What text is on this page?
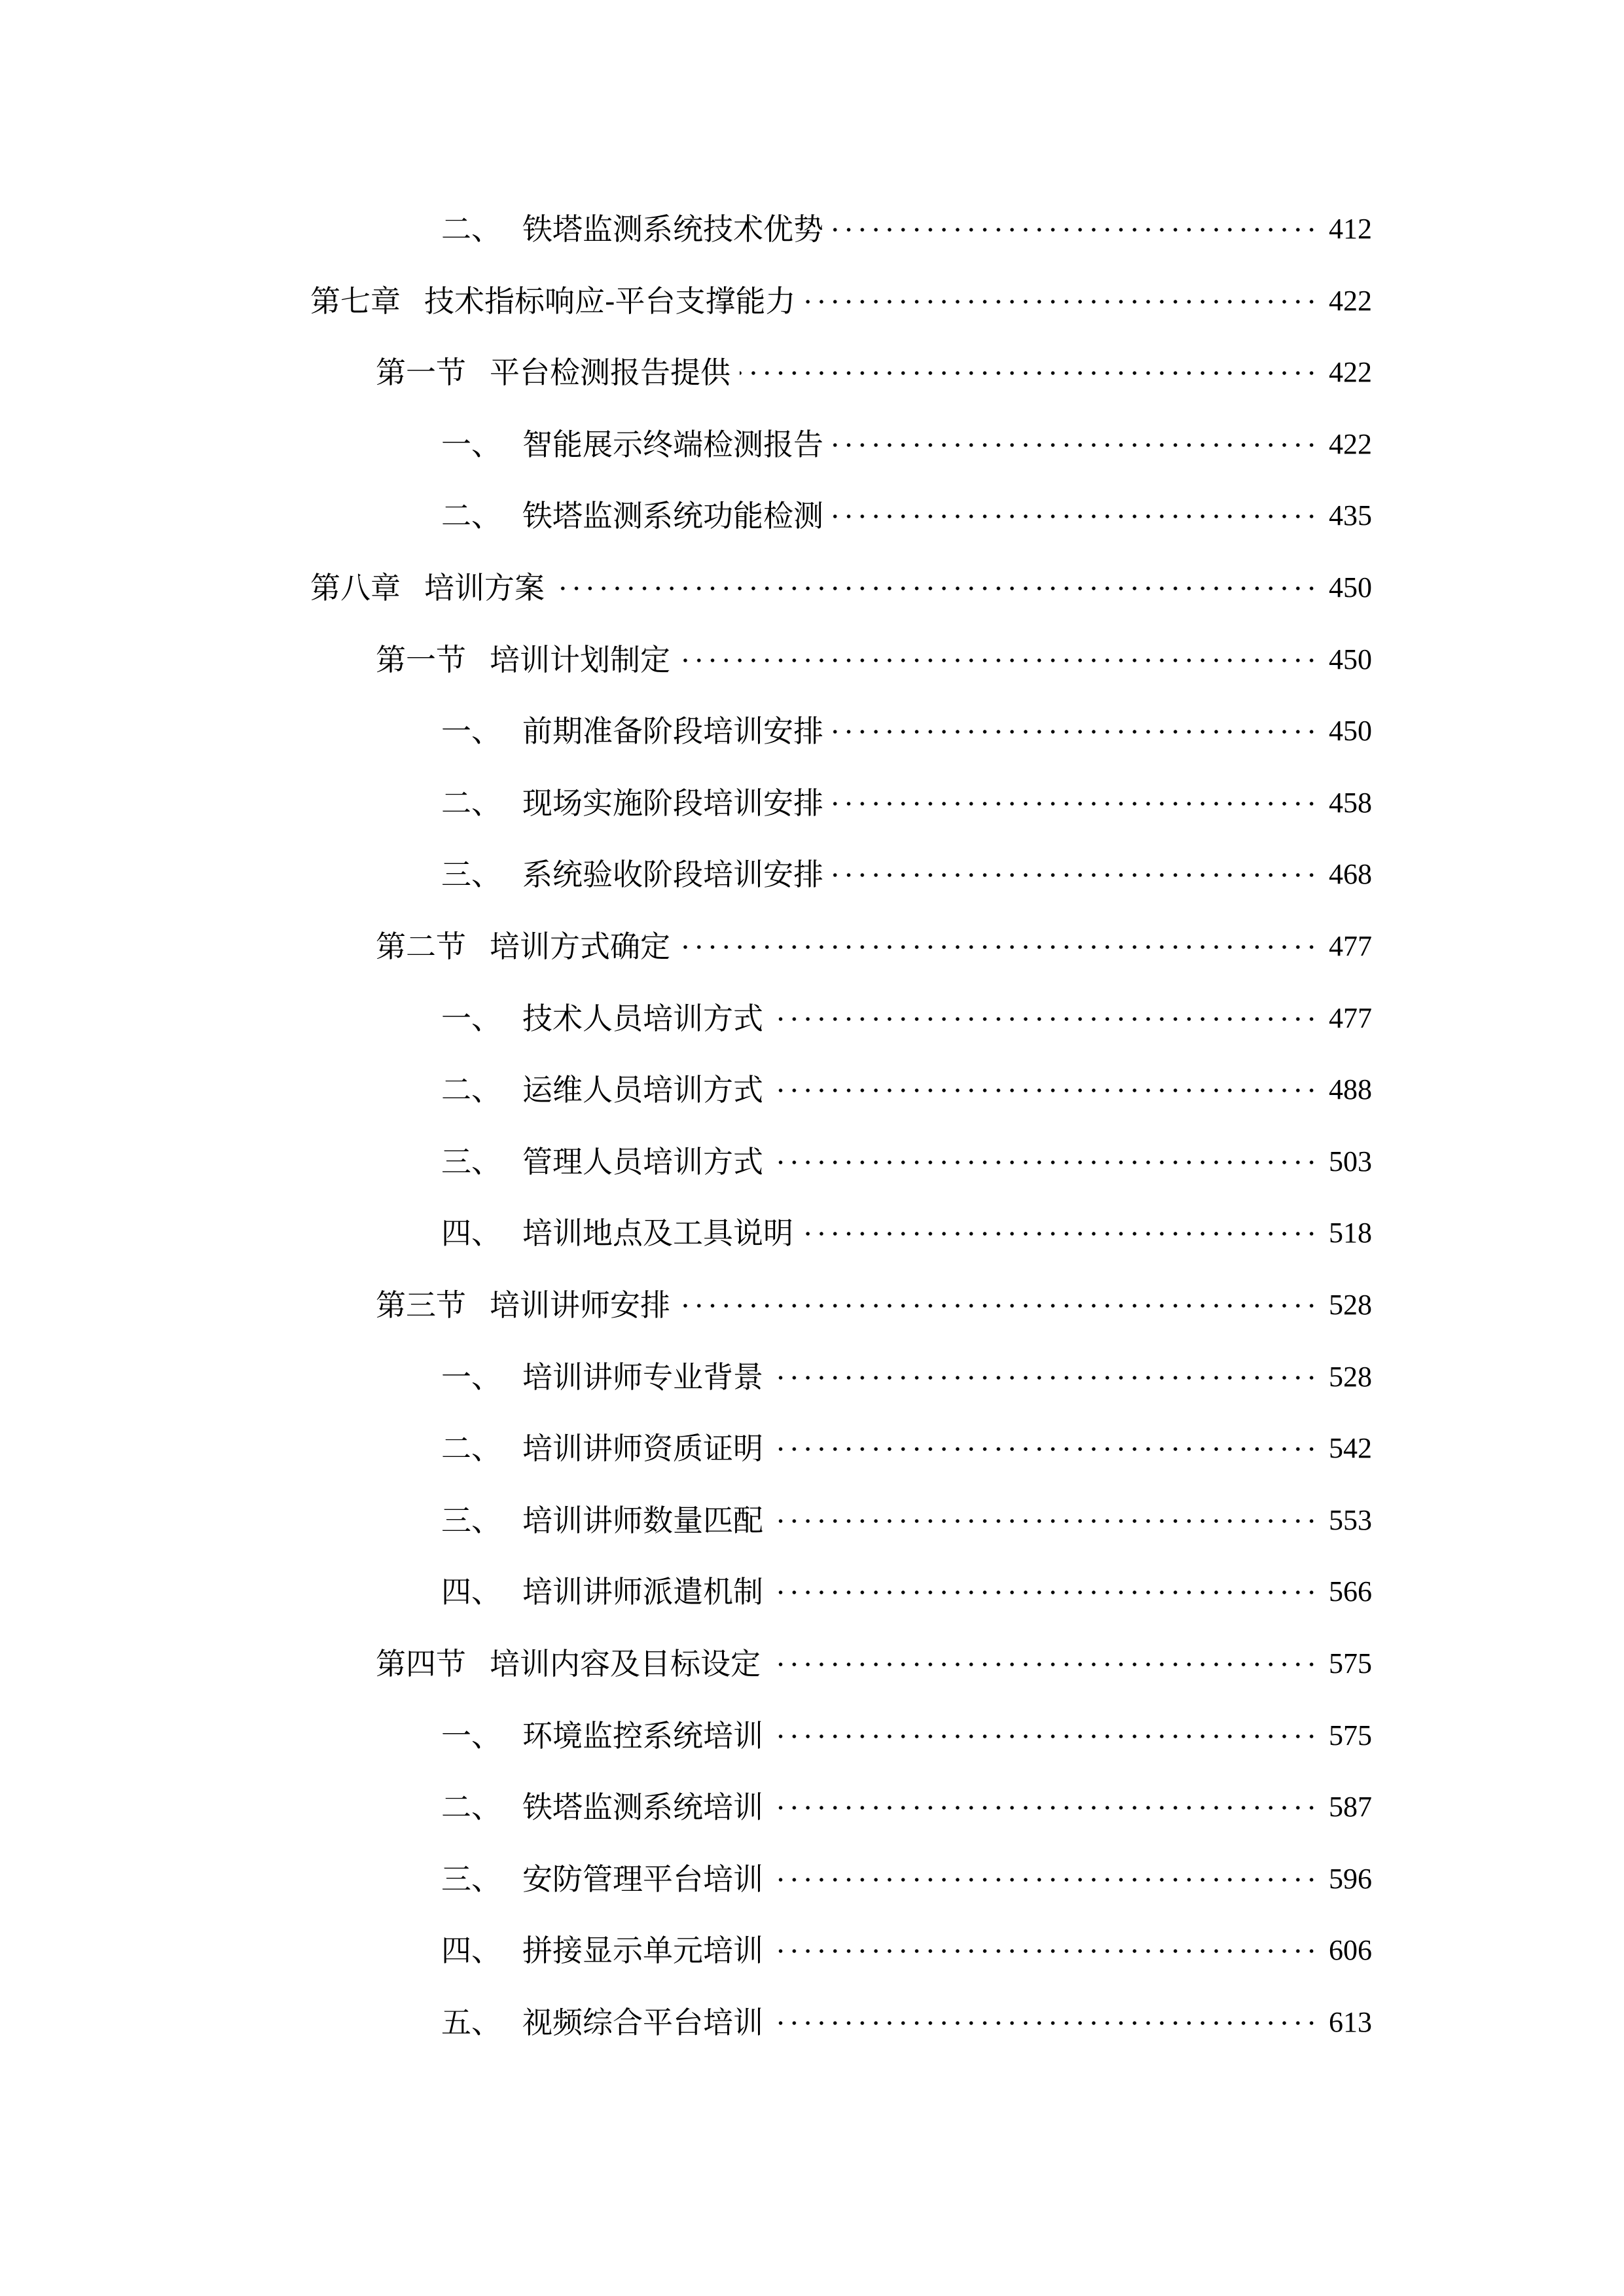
二、 铁塔监测系统技术优势	412
第七章 技术指标响应-平台支撑能力	422
第一节 平台检测报告提供	422
一、 智能展示终端检测报告	422
二、 铁塔监测系统功能检测	435
第八章 培训方案	450
第一节 培训计划制定	450
一、 前期准备阶段培训安排	450
二、 现场实施阶段培训安排	458
三、 系统验收阶段培训安排	468
第二节 培训方式确定	477
一、 技术人员培训方式	477
二、 运维人员培训方式	488
三、 管理人员培训方式	503
四、 培训地点及工具说明	518
第三节 培训讲师安排	528
一、 培训讲师专业背景	528
二、 培训讲师资质证明	542
三、 培训讲师数量匹配	553
四、 培训讲师派遣机制	566
第四节 培训内容及目标设定	575
一、 环境监控系统培训	575
二、 铁塔监测系统培训	587
三、 安防管理平台培训	596
四、 拼接显示单元培训	606
五、 视频综合平台培训	613
